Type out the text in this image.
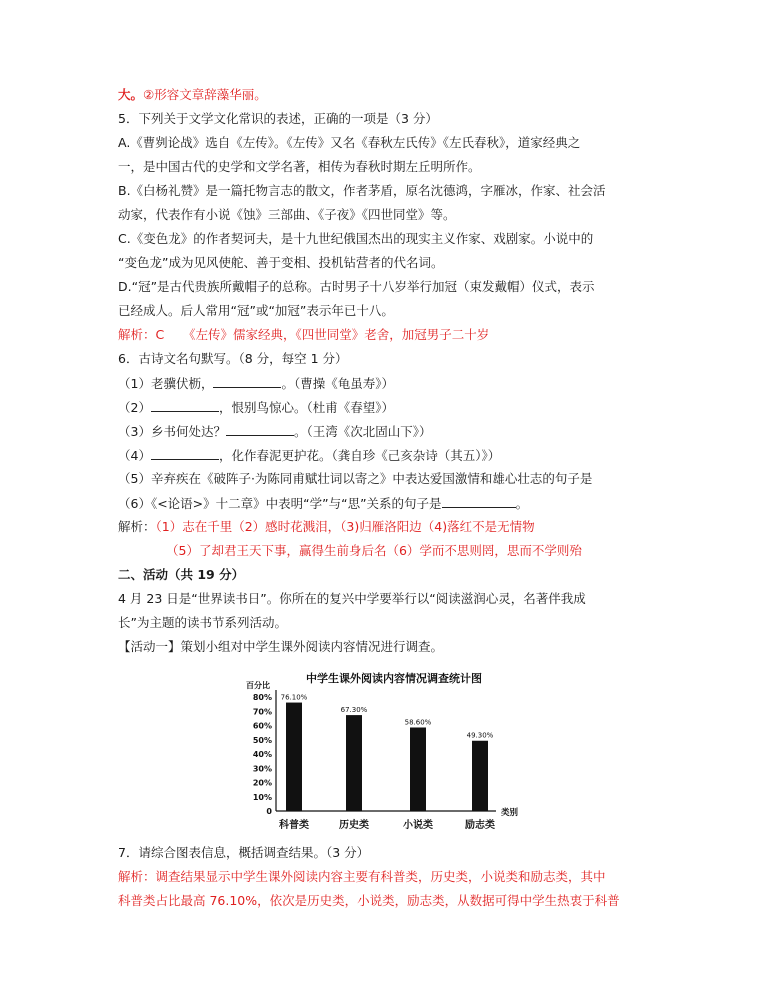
大。②形容文章辞藻华丽。
5．下列关于文学文化常识的表述，正确的一项是（3 分）
A.《曹刿论战》选自《左传》。《左传》又名《春秋左氏传》《左氏春秋》，道家经典之
一，是中国古代的史学和文学名著，相传为春秋时期左丘明所作。
B.《白杨礼赞》是一篇托物言志的散文，作者茅盾，原名沈德鸿，字雁冰，作家、社会活
动家，代表作有小说《蚀》三部曲、《子夜》《四世同堂》等。
C.《变色龙》的作者契诃夫，是十九世纪俄国杰出的现实主义作家、戏剧家。小说中的
“变色龙”成为见风使舵、善于变相、投机钻营者的代名词。
D.“冠”是古代贵族所戴帽子的总称。古时男子十八岁举行加冠（束发戴帽）仪式，表示
已经成人。后人常用“冠”或“加冠”表示年已十八。
解析：C　　《左传》儒家经典，《四世同堂》老舍，加冠男子二十岁
6．古诗文名句默写。（8 分，每空 1 分）
（1）老骥伏枥，	。（曹操《龟虽寿》）
（2）	，恨别鸟惊心。（杜甫《春望》）
（3）乡书何处达？	。（王湾《次北固山下》）
（4）	，化作春泥更护花。（龚自珍《己亥杂诗（其五）》）
（5）辛弃疾在《破阵子·为陈同甫赋壮词以寄之》中表达爱国激情和雄心壮志的句子是
（6）《<论语>》十二章》中表明“学”与“思”关系的句子是	。
解析：（1）志在千里（2）感时花溅泪，（3)归雁洛阳边（4)落红不是无情物
（5）了却君王天下事，赢得生前身后名（6）学而不思则罔，思而不学则殆
二、活动（共 19 分）
4 月 23 日是“世界读书日”。你所在的复兴中学要举行以“阅读滋润心灵，名著伴我成
长”为主题的读书节系列活动。
【活动一】策划小组对中学生课外阅读内容情况进行调查。
中学生课外阅读内容情况调查统计图
百分比
类别
80%
70%
60%
50%
40%
30%
20%
10%
0
76.10%
67.30%
58.60%
49.30%
科普类	历史类	小说类	励志类
7．请综合图表信息，概括调查结果。（3 分）
解析：调查结果显示中学生课外阅读内容主要有科普类，历史类，小说类和励志类，其中
科普类占比最高 76.10%，依次是历史类，小说类，励志类，从数据可得中学生热衷于科普
